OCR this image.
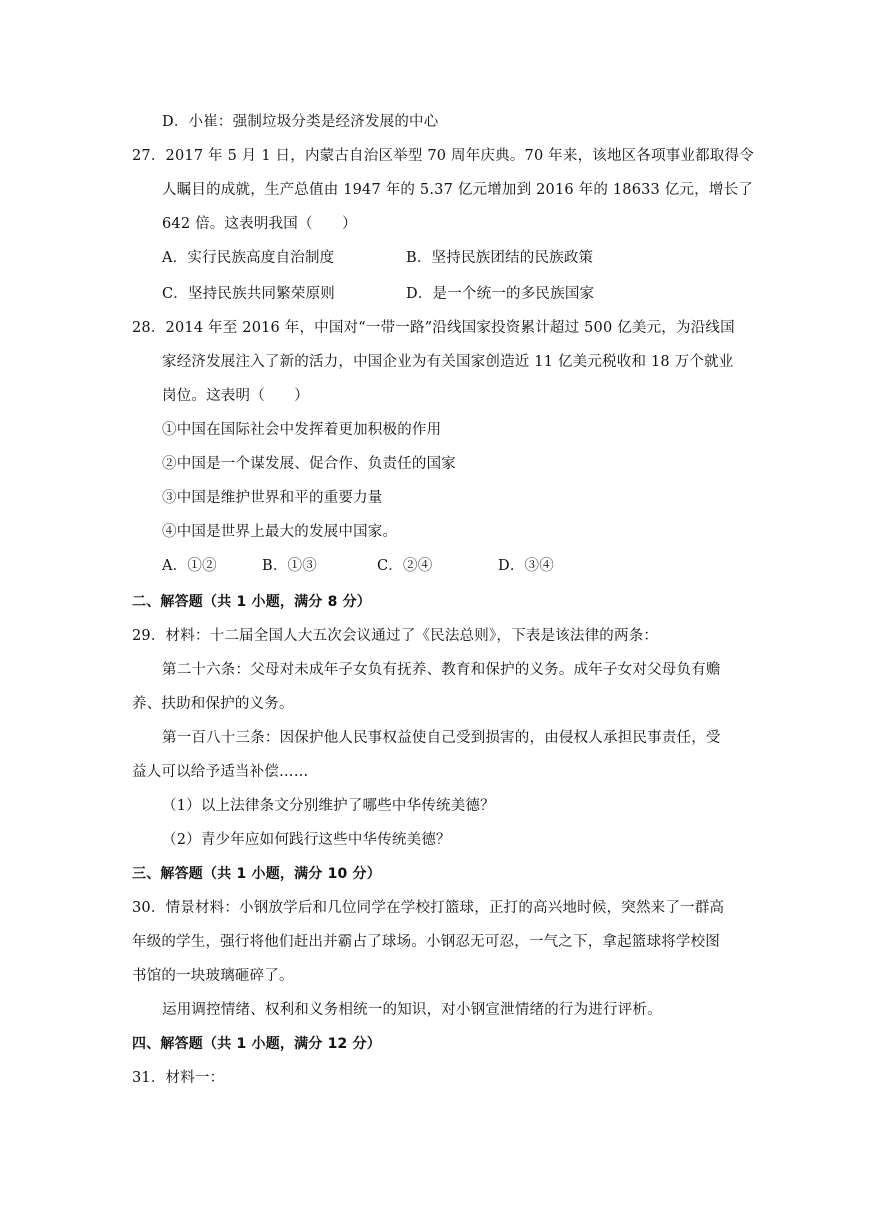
D．小崔：强制垃圾分类是经济发展的中心
27．2017 年 5 月 1 日，内蒙古自治区举型 70 周年庆典。70 年来，该地区各项事业都取得令
人瞩目的成就，生产总值由 1947 年的 5.37 亿元增加到 2016 年的 18633 亿元，增长了
642 倍。这表明我国（　　）
A．实行民族高度自治制度	B．坚持民族团结的民族政策
C．坚持民族共同繁荣原则	D．是一个统一的多民族国家
28．2014 年至 2016 年，中国对“一带一路”沿线国家投资累计超过 500 亿美元，为沿线国
家经济发展注入了新的活力，中国企业为有关国家创造近 11 亿美元税收和 18 万个就业
岗位。这表明（　　）
①中国在国际社会中发挥着更加积极的作用
②中国是一个谋发展、促合作、负责任的国家
③中国是维护世界和平的重要力量
④中国是世界上最大的发展中国家。
A．①②	B．①③	C．②④	D．③④
二、解答题（共 1 小题，满分 8 分）
29．材料：十二届全国人大五次会议通过了《民法总则》，下表是该法律的两条：
第二十六条：父母对未成年子女负有抚养、教育和保护的义务。成年子女对父母负有赡
养、扶助和保护的义务。
第一百八十三条：因保护他人民事权益使自己受到损害的，由侵权人承担民事责任，受
益人可以给予适当补偿……
（1）以上法律条文分别维护了哪些中华传统美德？
（2）青少年应如何践行这些中华传统美德？
三、解答题（共 1 小题，满分 10 分）
30．情景材料：小钢放学后和几位同学在学校打篮球，正打的高兴地时候，突然来了一群高
年级的学生，强行将他们赶出并霸占了球场。小钢忍无可忍，一气之下，拿起篮球将学校图
书馆的一块玻璃砸碎了。
运用调控情绪、权利和义务相统一的知识，对小钢宣泄情绪的行为进行评析。
四、解答题（共 1 小题，满分 12 分）
31．材料一：
